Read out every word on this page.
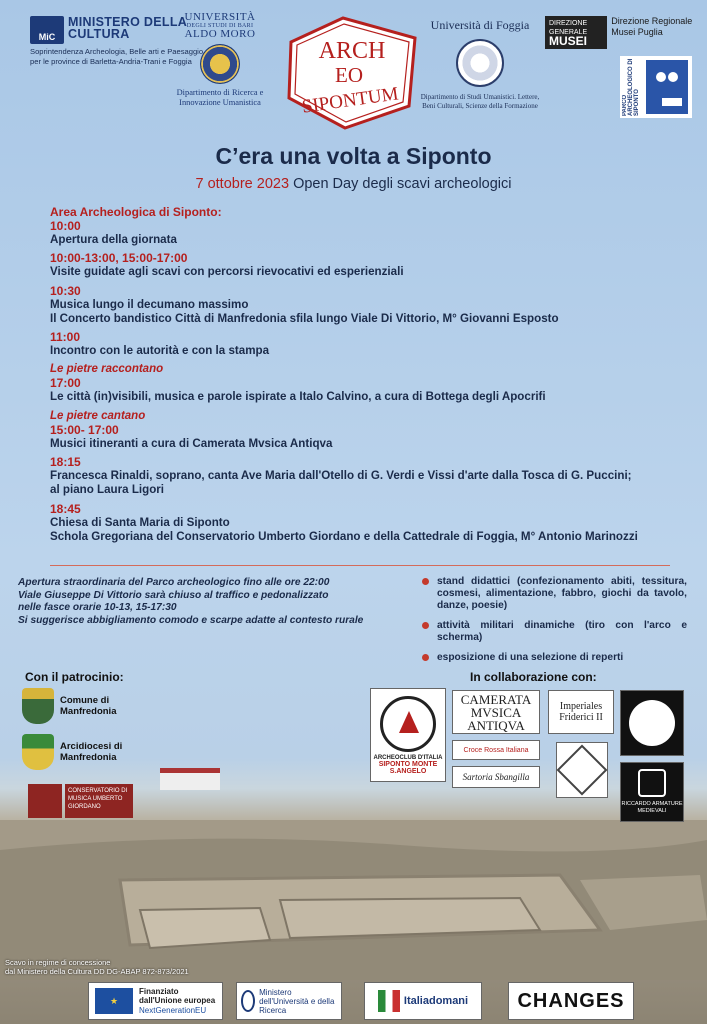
MiC
MINISTERO DELLA CULTURA
Soprintendenza Archeologia, Belle arti e Paesaggio per le province di Barletta-Andria-Trani e Foggia
UNIVERSITÀ
DEGLI STUDI DI BARI
ALDO MORO
Dipartimento di Ricerca e Innovazione Umanistica
ARCH
EO
SIPONTUM
Università di Foggia
Dipartimento di Studi Umanistici. Lettere, Beni Culturali, Scienze della Formazione
DIREZIONE GENERALE
MUSEI
Direzione Regionale Musei Puglia
PARCO ARCHEOLOGICO DI SIPONTO
C’era una volta a Siponto
7 ottobre 2023 Open Day degli scavi archeologici
Area Archeologica di Siponto:
10:00
Apertura della giornata
10:00-13:00, 15:00-17:00
Visite guidate agli scavi con percorsi rievocativi ed esperienziali
10:30
Musica lungo il decumano massimo
Il Concerto bandistico Città di Manfredonia sfila lungo Viale Di Vittorio, M° Giovanni Esposto
11:00
Incontro con le autorità e con la stampa
Le pietre raccontano
17:00
Le città (in)visibili, musica e parole ispirate a Italo Calvino, a cura di Bottega degli Apocrifi
Le pietre cantano
15:00- 17:00
Musici itineranti a cura di Camerata Mvsica Antiqva
18:15
Francesca Rinaldi, soprano, canta Ave Maria dall'Otello di G. Verdi e Vissi d'arte dalla Tosca di G. Puccini;
al piano Laura Ligori
18:45
Chiesa di Santa Maria di Siponto
Schola Gregoriana del Conservatorio Umberto Giordano e della Cattedrale di Foggia, M° Antonio Marinozzi
Apertura straordinaria del Parco archeologico fino alle ore 22:00
Viale Giuseppe Di Vittorio sarà chiuso al traffico e pedonalizzato
nelle fasce orarie 10-13, 15-17:30
Si suggerisce abbigliamento comodo e scarpe adatte al contesto rurale
stand didattici (confezionamento abiti, tessitura, cosmesi, alimentazione, fabbro, giochi da tavolo, danze, poesie)
attività militari dinamiche (tiro con l'arco e scherma)
esposizione di una selezione di reperti
Con il patrocinio:
Comune di Manfredonia
Arcidiocesi di Manfredonia
CONSERVATORIO DI MUSICA UMBERTO GIORDANO
In collaborazione con:
ARCHEOCLUB D'ITALIA
SIPONTO MONTE S.ANGELO
CAMERATA MVSICA ANTIQVA
Croce Rossa Italiana
Sartoria Sbangilla
Imperiales Friderici II
RICCARDO ARMATURE MEDIEVALI
Scavo in regime di concessione
dal Ministero della Cultura DD DG-ABAP 872-873/2021
★
Finanziato
dall'Unione europea
NextGenerationEU
Ministero dell'Università e della Ricerca
Italiadomani	CHANGES
